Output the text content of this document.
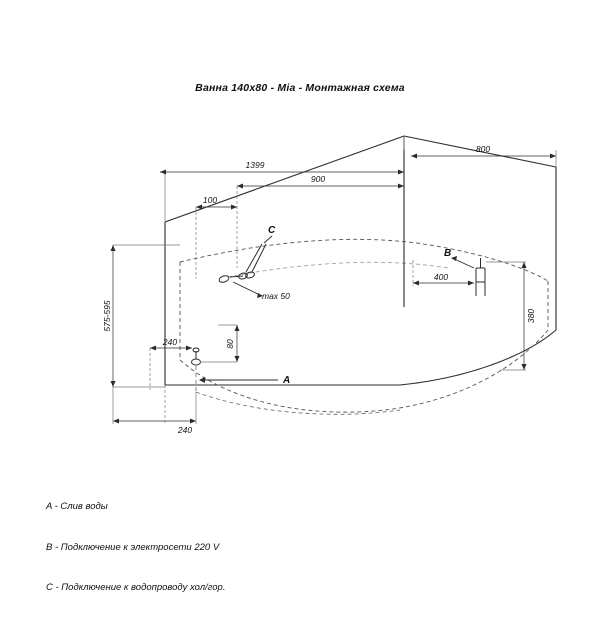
Ванна 140х80 - Mia - Монтажная схема
C
max 50
A
B
1399
900
800
100
575-595
240	80
240
400
380

A - Слив воды

B - Подключение к электросети 220 V

C - Подключение к водопроводу хол/гор.
